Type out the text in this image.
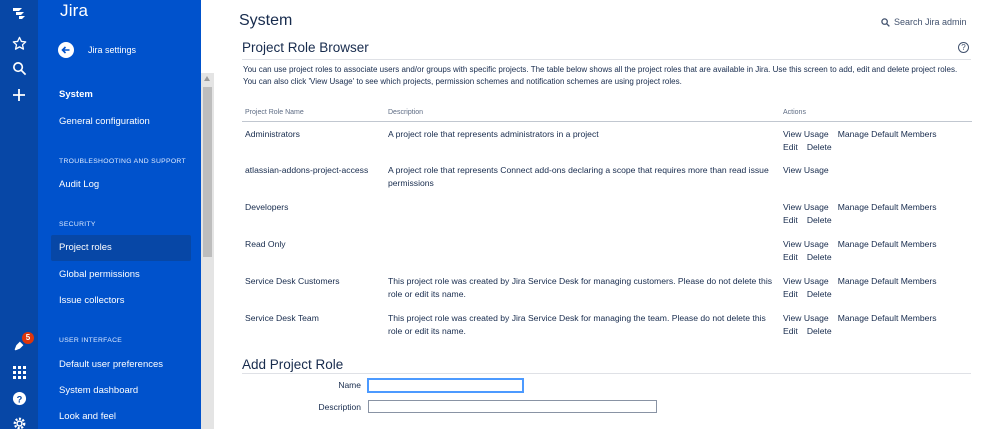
5
?
Jira
Jira settings
System
General configuration
TROUBLESHOOTING AND SUPPORT
Audit Log
SECURITY
Project roles
Global permissions
Issue collectors
USER INTERFACE
Default user preferences
System dashboard
Look and feel
System	Search Jira admin
Project Role Browser	?

You can use project roles to associate users and/or groups with specific projects. The table below shows all the project roles that are available in Jira. Use this screen to add, edit and delete project roles. You can also click 'View Usage' to see which projects, permission schemes and notification schemes are using project roles.

Project Role Name	Description	Actions
Administrators	A project role that represents administrators in a project	View Usage Manage Default Members
Edit Delete

atlassian-addons-project-access	A project role that represents Connect add-ons declaring a scope that requires more than read issue permissions	View Usage

Developers		View Usage Manage Default Members
Edit Delete

Read Only		View Usage Manage Default Members
Edit Delete

Service Desk Customers	This project role was created by Jira Service Desk for managing customers. Please do not delete this role or edit its name.	View Usage Manage Default Members
Edit Delete

Service Desk Team	This project role was created by Jira Service Desk for managing the team. Please do not delete this role or edit its name.	View Usage Manage Default Members
Edit Delete
Add Project Role
Name
Description
